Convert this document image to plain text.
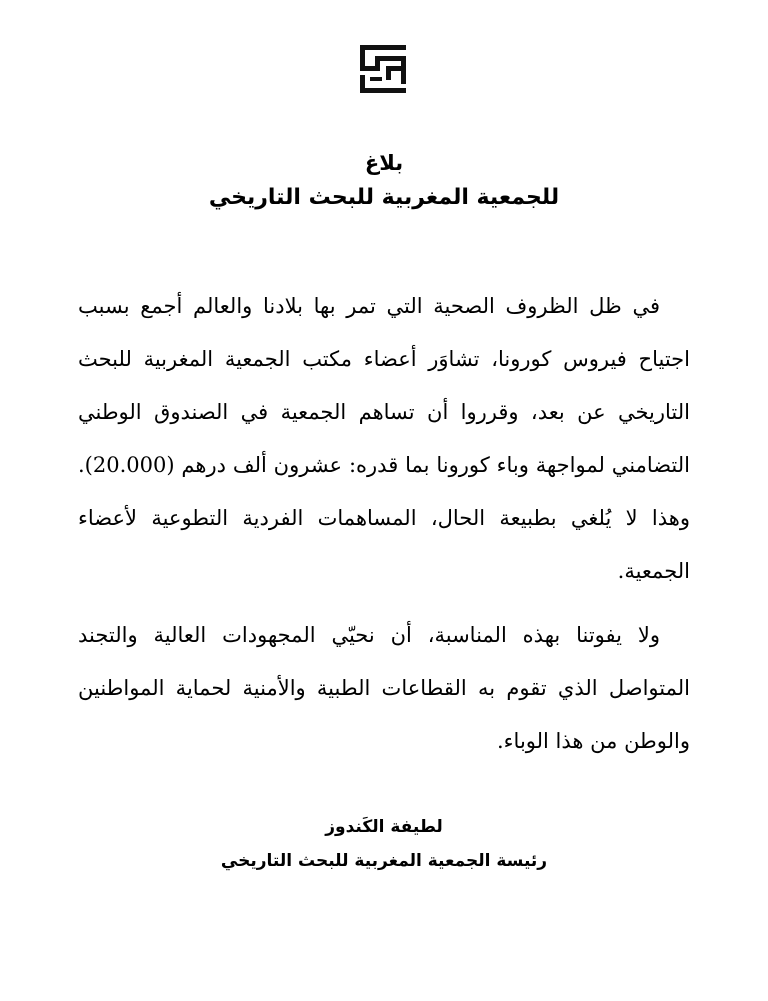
بلاغ
للجمعية المغربية للبحث التاريخي

في ظل الظروف الصحية التي تمر بها بلادنا والعالم أجمع بسبب اجتياح فيروس كورونا، تشاوَر أعضاء مكتب الجمعية المغربية للبحث التاريخي عن بعد، وقرروا أن تساهم الجمعية في الصندوق الوطني التضامني لمواجهة وباء كورونا بما قدره: عشرون ألف درهم (20.000). وهذا لا يُلغي بطبيعة الحال، المساهمات الفردية التطوعية لأعضاء الجمعية.

ولا يفوتنا بهذه المناسبة، أن نحيّي المجهودات العالية والتجند المتواصل الذي تقوم به القطاعات الطبية والأمنية لحماية المواطنين والوطن من هذا الوباء.

لطيفة الكَندوز
رئيسة الجمعية المغربية للبحث التاريخي
